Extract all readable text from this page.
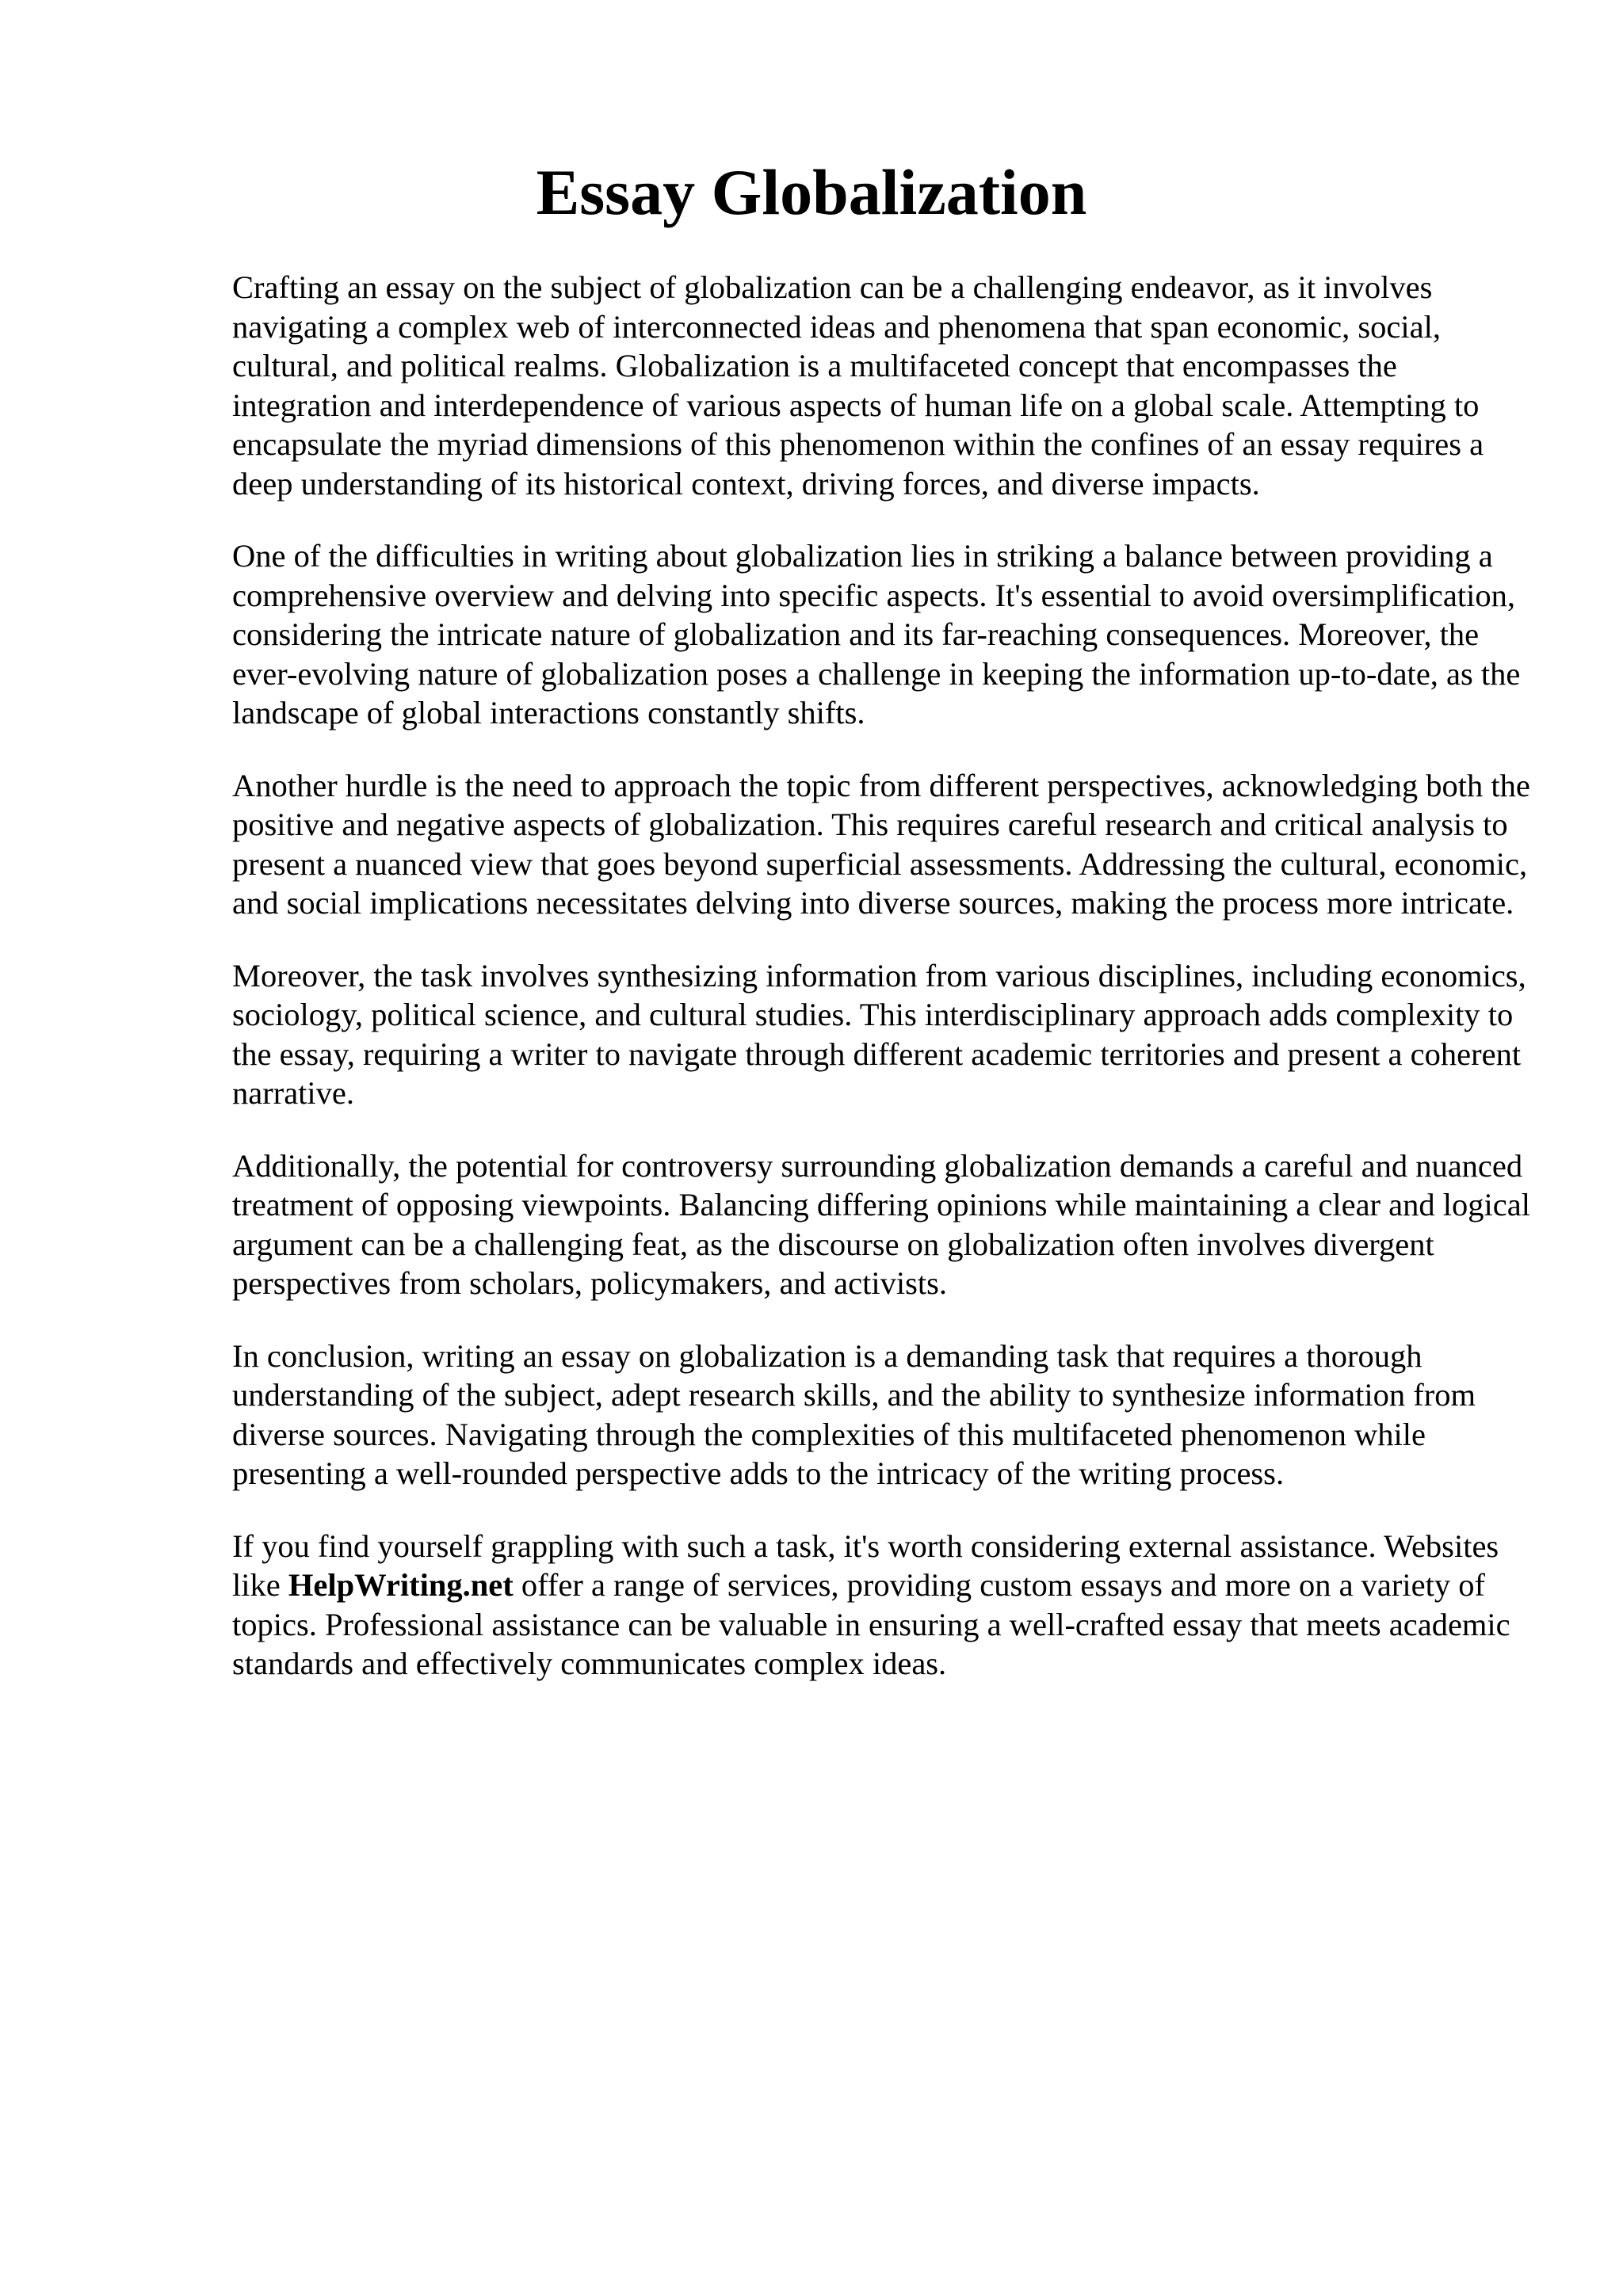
Essay Globalization

Crafting an essay on the subject of globalization can be a challenging endeavor, as it involves navigating a complex web of interconnected ideas and phenomena that span economic, social, cultural, and political realms. Globalization is a multifaceted concept that encompasses the integration and interdependence of various aspects of human life on a global scale. Attempting to encapsulate the myriad dimensions of this phenomenon within the confines of an essay requires a deep understanding of its historical context, driving forces, and diverse impacts.

One of the difficulties in writing about globalization lies in striking a balance between providing a comprehensive overview and delving into specific aspects. It's essential to avoid oversimplification, considering the intricate nature of globalization and its far-reaching consequences. Moreover, the ever-evolving nature of globalization poses a challenge in keeping the information up-to-date, as the landscape of global interactions constantly shifts.

Another hurdle is the need to approach the topic from different perspectives, acknowledging both the positive and negative aspects of globalization. This requires careful research and critical analysis to present a nuanced view that goes beyond superficial assessments. Addressing the cultural, economic, and social implications necessitates delving into diverse sources, making the process more intricate.

Moreover, the task involves synthesizing information from various disciplines, including economics, sociology, political science, and cultural studies. This interdisciplinary approach adds complexity to the essay, requiring a writer to navigate through different academic territories and present a coherent narrative.

Additionally, the potential for controversy surrounding globalization demands a careful and nuanced treatment of opposing viewpoints. Balancing differing opinions while maintaining a clear and logical argument can be a challenging feat, as the discourse on globalization often involves divergent perspectives from scholars, policymakers, and activists.

In conclusion, writing an essay on globalization is a demanding task that requires a thorough understanding of the subject, adept research skills, and the ability to synthesize information from diverse sources. Navigating through the complexities of this multifaceted phenomenon while presenting a well-rounded perspective adds to the intricacy of the writing process.

If you find yourself grappling with such a task, it's worth considering external assistance. Websites like HelpWriting.net offer a range of services, providing custom essays and more on a variety of topics. Professional assistance can be valuable in ensuring a well-crafted essay that meets academic standards and effectively communicates complex ideas.
